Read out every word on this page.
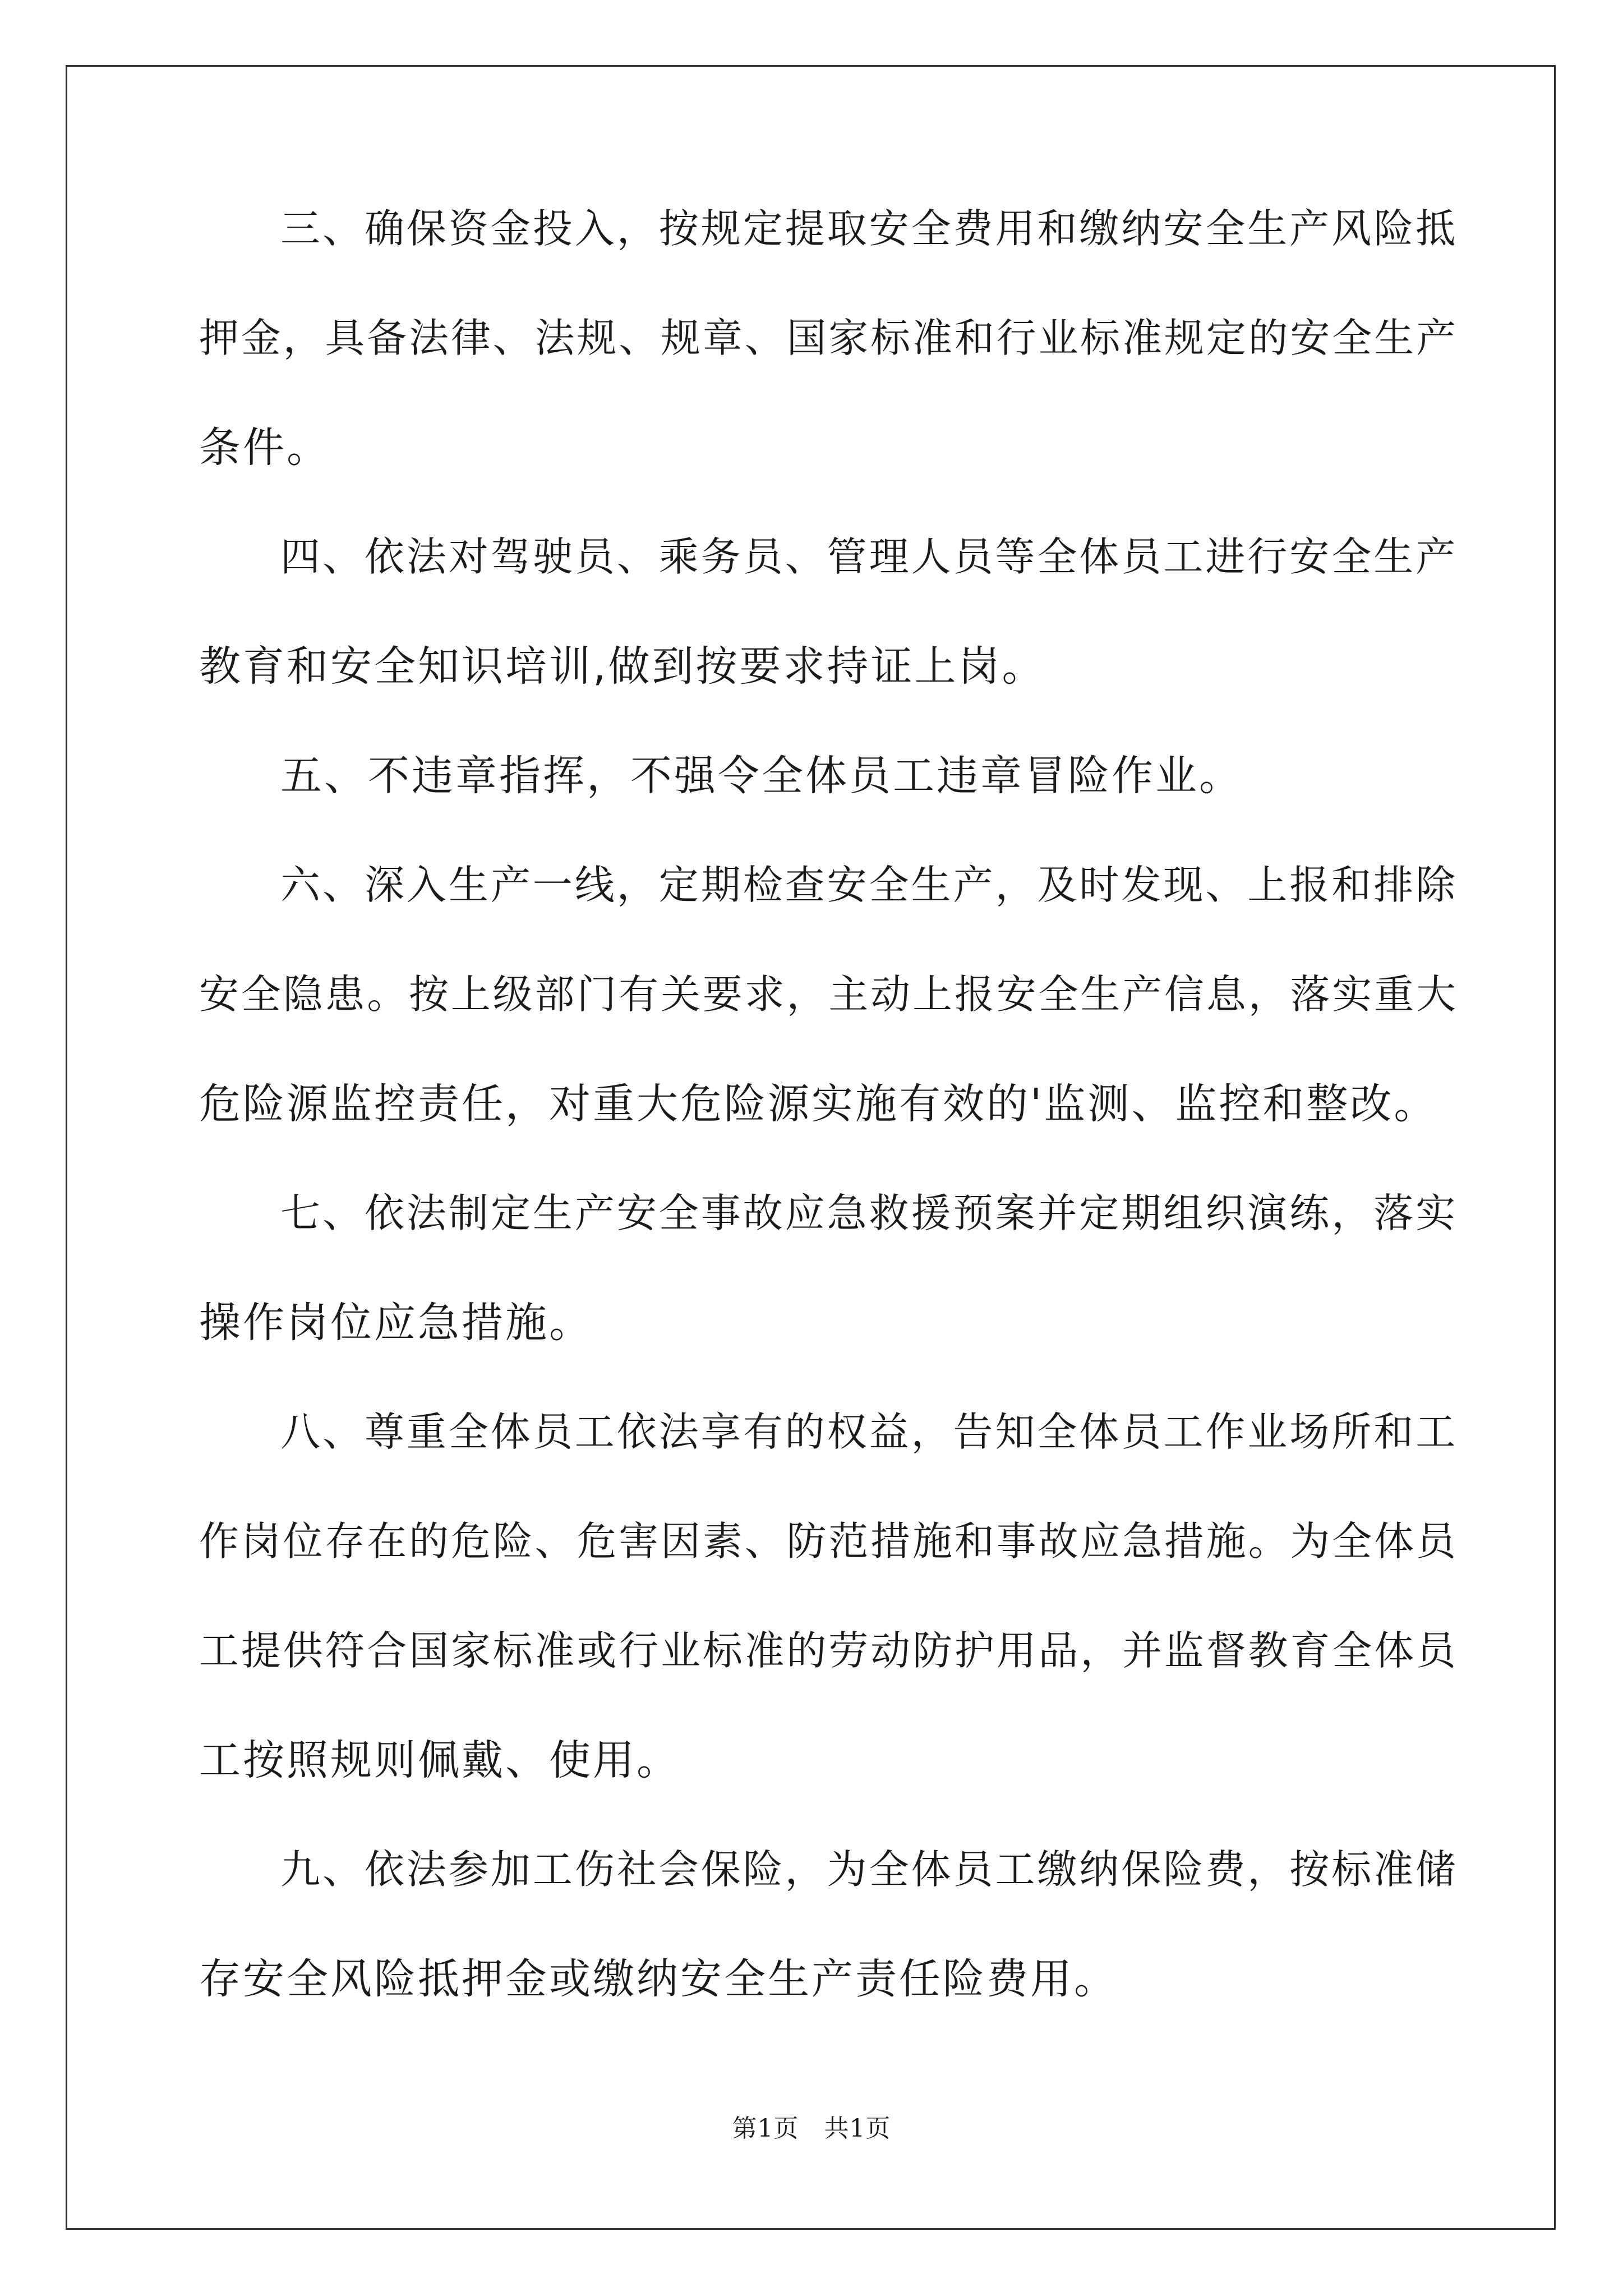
三、确保资金投入，按规定提取安全费用和缴纳安全生产风险抵
押金，具备法律、法规、规章、国家标准和行业标准规定的安全生产
条件。
四、依法对驾驶员、乘务员、管理人员等全体员工进行安全生产
教育和安全知识培训,做到按要求持证上岗。
五、不违章指挥，不强令全体员工违章冒险作业。
六、深入生产一线，定期检查安全生产，及时发现、上报和排除
安全隐患。按上级部门有关要求，主动上报安全生产信息，落实重大
危险源监控责任，对重大危险源实施有效的'监测、监控和整改。
七、依法制定生产安全事故应急救援预案并定期组织演练，落实
操作岗位应急措施。
八、尊重全体员工依法享有的权益，告知全体员工作业场所和工
作岗位存在的危险、危害因素、防范措施和事故应急措施。为全体员
工提供符合国家标准或行业标准的劳动防护用品，并监督教育全体员
工按照规则佩戴、使用。
九、依法参加工伤社会保险，为全体员工缴纳保险费，按标准储
存安全风险抵押金或缴纳安全生产责任险费用。
第1页　共1页
